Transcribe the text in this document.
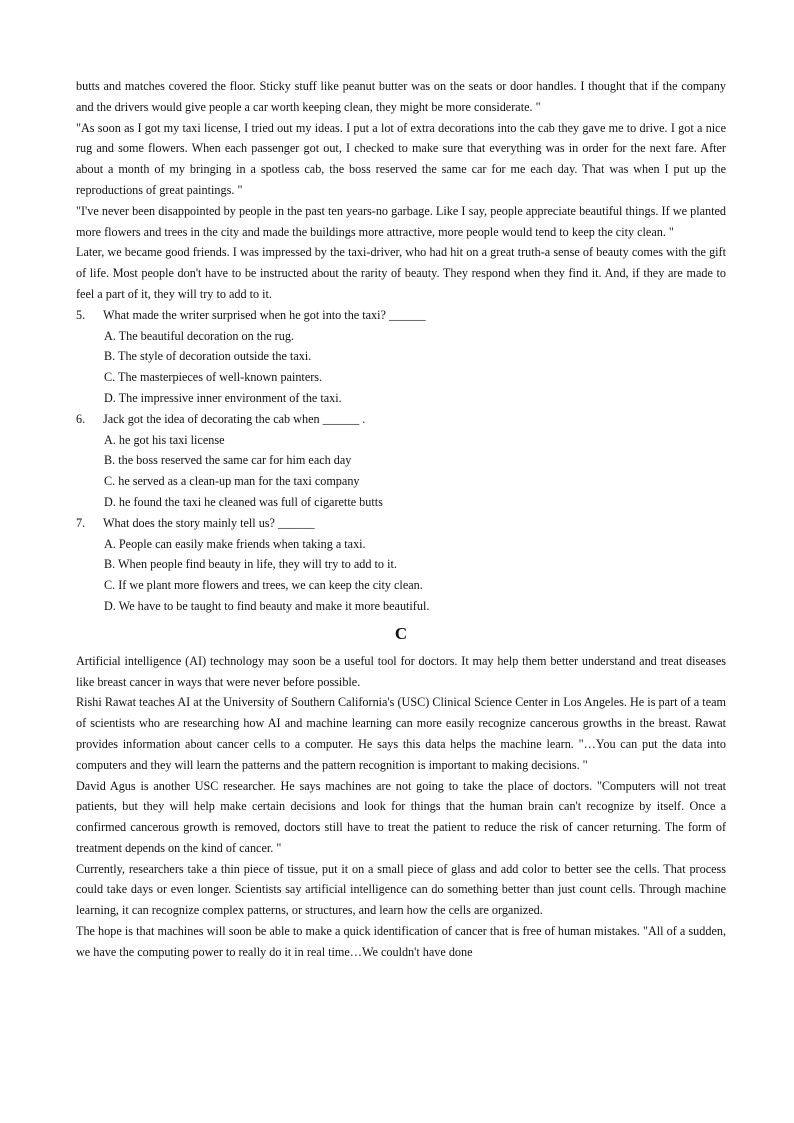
butts and matches covered the floor. Sticky stuff like peanut butter was on the seats or door handles. I thought that if the company and the drivers would give people a car worth keeping clean, they might be more considerate. "

"As soon as I got my taxi license, I tried out my ideas. I put a lot of extra decorations into the cab they gave me to drive. I got a nice rug and some flowers. When each passenger got out, I checked to make sure that everything was in order for the next fare. After about a month of my bringing in a spotless cab, the boss reserved the same car for me each day. That was when I put up the reproductions of great paintings. "

"I've never been disappointed by people in the past ten years-no garbage. Like I say, people appreciate beautiful things. If we planted more flowers and trees in the city and made the buildings more attractive, more people would tend to keep the city clean. "

Later, we became good friends. I was impressed by the taxi-driver, who had hit on a great truth-a sense of beauty comes with the gift of life. Most people don't have to be instructed about the rarity of beauty. They respond when they find it. And, if they are made to feel a part of it, they will try to add to it.

5.	What made the writer surprised when he got into the taxi? ______

A. The beautiful decoration on the rug.

B. The style of decoration outside the taxi.

C. The masterpieces of well-known painters.

D. The impressive inner environment of the taxi.

6.	Jack got the idea of decorating the cab when ______ .

A. he got his taxi license

B. the boss reserved the same car for him each day

C. he served as a clean-up man for the taxi company

D. he found the taxi he cleaned was full of cigarette butts

7.	What does the story mainly tell us? ______

A. People can easily make friends when taking a taxi.

B. When people find beauty in life, they will try to add to it.

C. If we plant more flowers and trees, we can keep the city clean.

D. We have to be taught to find beauty and make it more beautiful.

C

Artificial intelligence (AI) technology may soon be a useful tool for doctors. It may help them better understand and treat diseases like breast cancer in ways that were never before possible.

Rishi Rawat teaches AI at the University of Southern California's (USC) Clinical Science Center in Los Angeles. He is part of a team of scientists who are researching how AI and machine learning can more easily recognize cancerous growths in the breast. Rawat provides information about cancer cells to a computer. He says this data helps the machine learn. "…You can put the data into computers and they will learn the patterns and the pattern recognition is important to making decisions. "

David Agus is another USC researcher. He says machines are not going to take the place of doctors. "Computers will not treat patients, but they will help make certain decisions and look for things that the human brain can't recognize by itself. Once a confirmed cancerous growth is removed, doctors still have to treat the patient to reduce the risk of cancer returning. The form of treatment depends on the kind of cancer. "

Currently, researchers take a thin piece of tissue, put it on a small piece of glass and add color to better see the cells. That process could take days or even longer. Scientists say artificial intelligence can do something better than just count cells. Through machine learning, it can recognize complex patterns, or structures, and learn how the cells are organized.

The hope is that machines will soon be able to make a quick identification of cancer that is free of human mistakes. "All of a sudden, we have the computing power to really do it in real time…We couldn't have done
